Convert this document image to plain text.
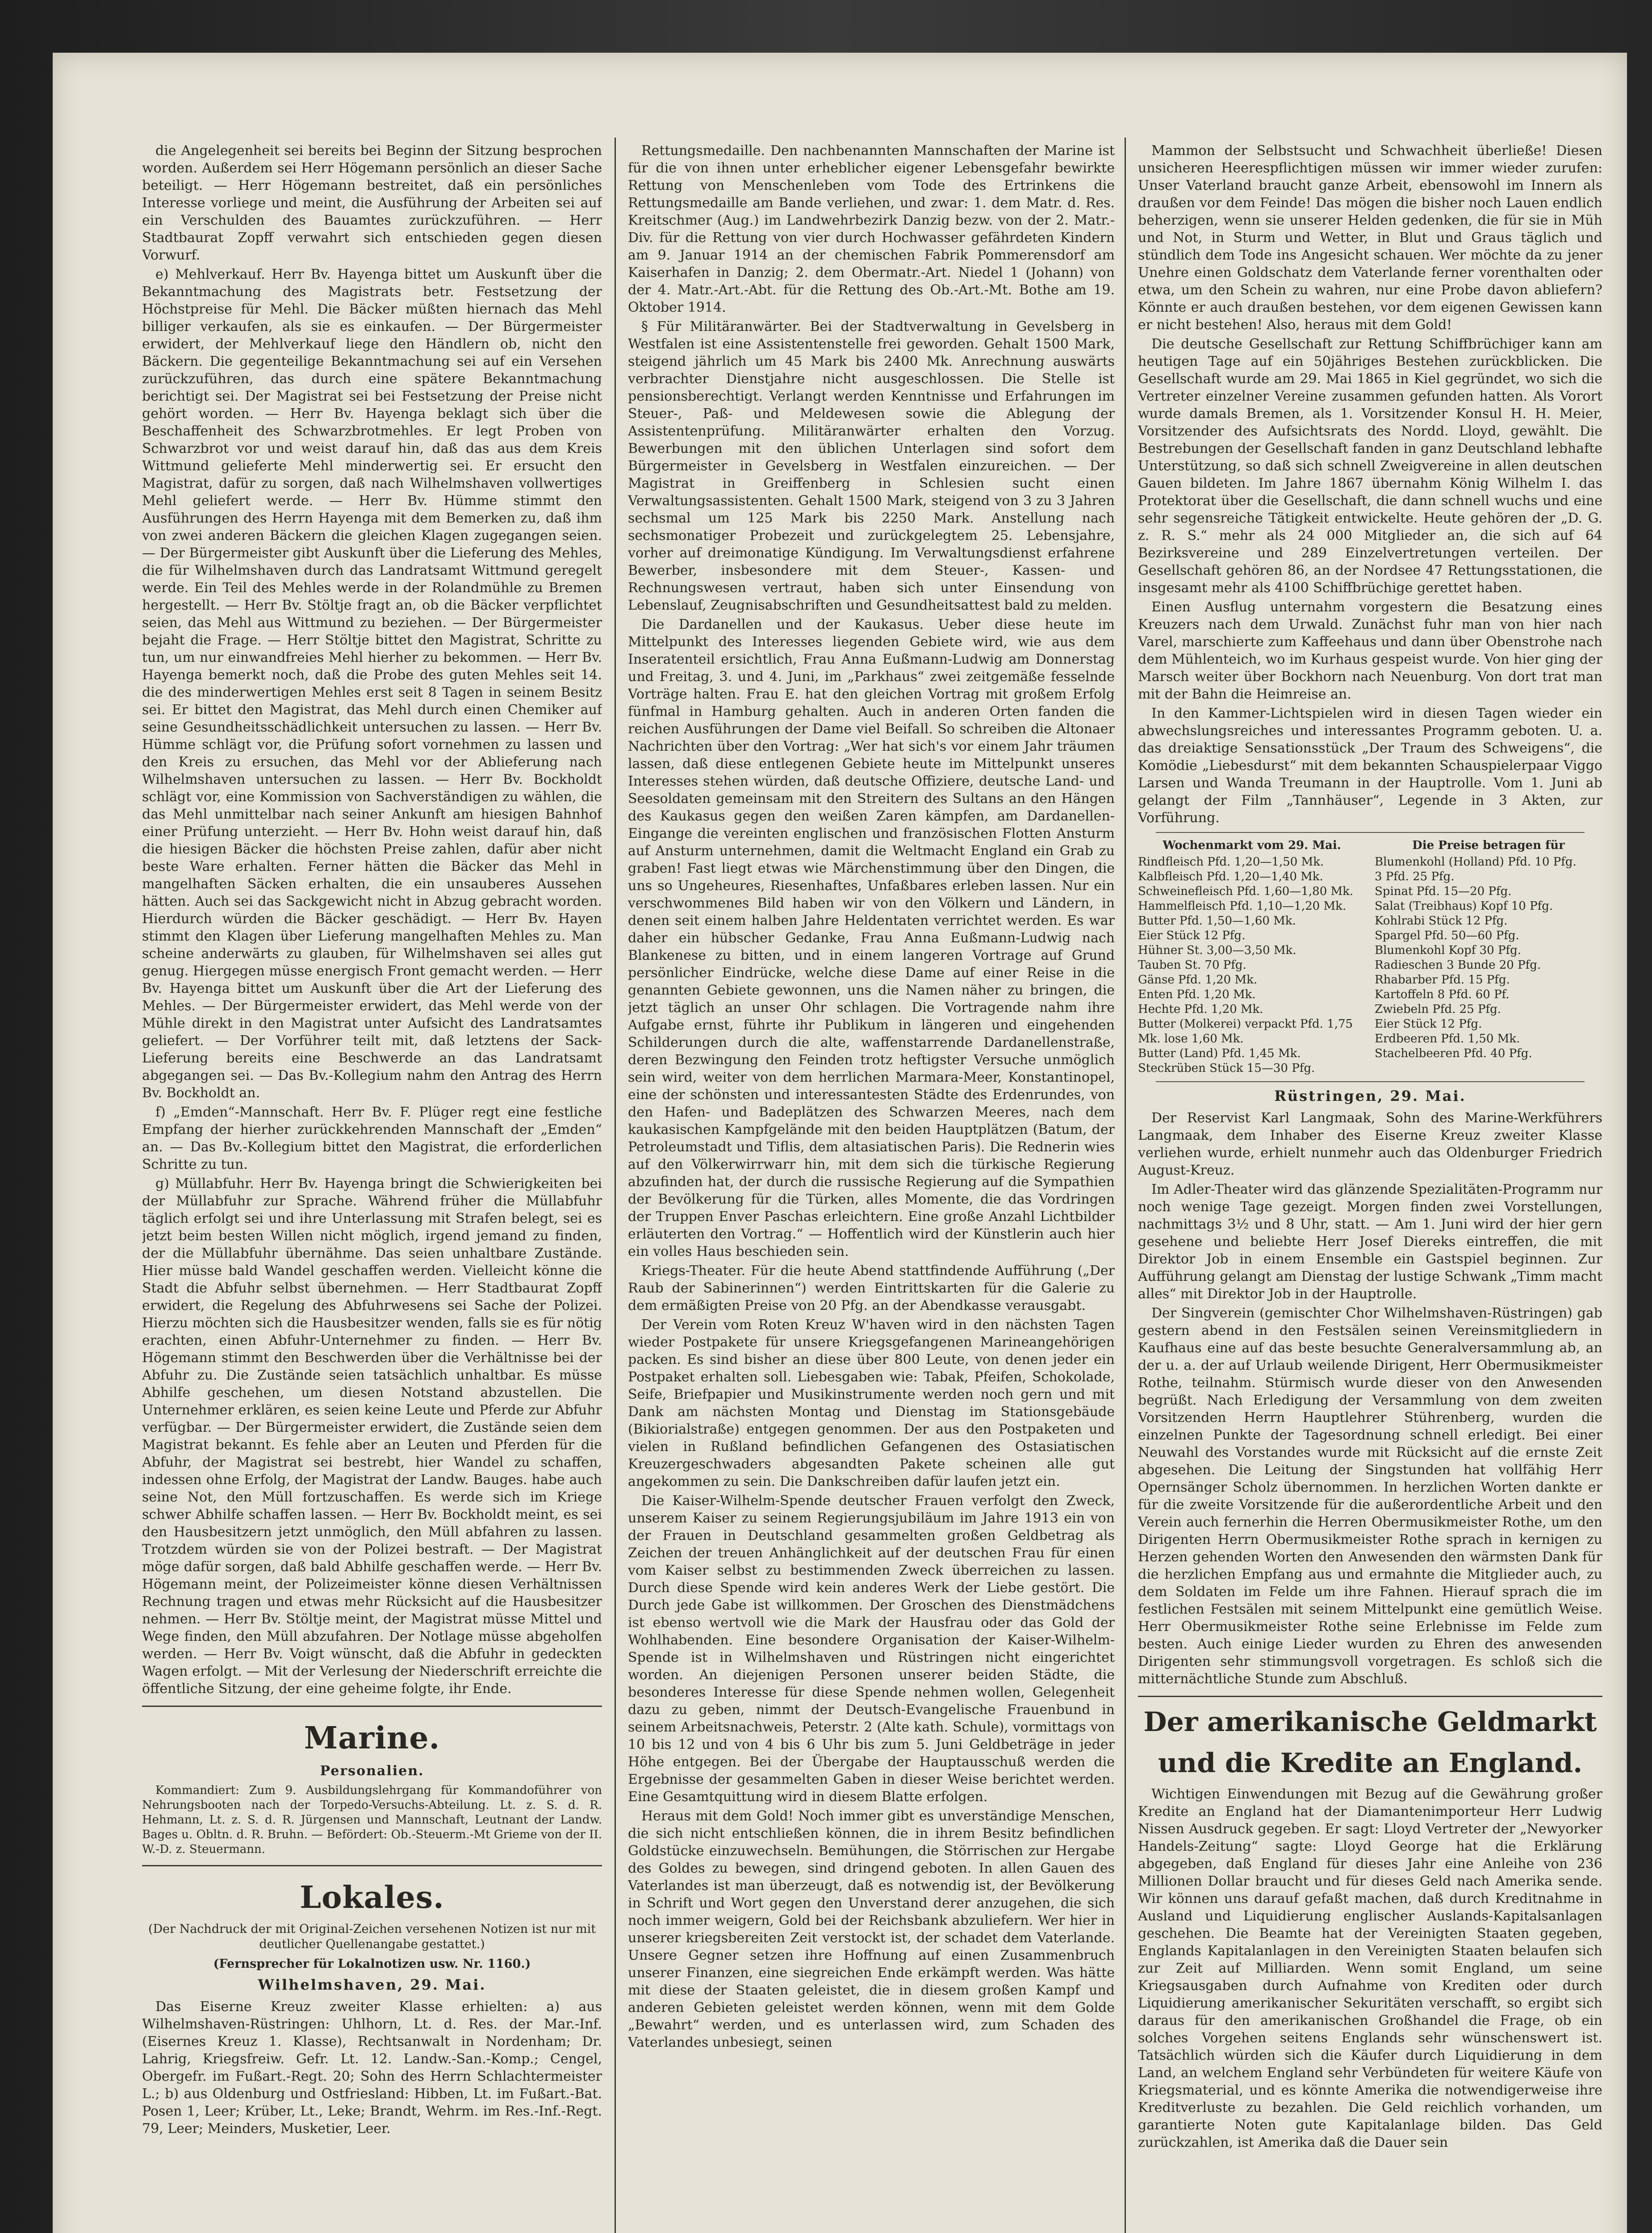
die Angelegenheit sei bereits bei Beginn der Sitzung besprochen worden. Außerdem sei Herr Högemann persönlich an dieser Sache beteiligt. — Herr Högemann bestreitet, daß ein persönliches Interesse vorliege und meint, die Ausführung der Arbeiten sei auf ein Verschulden des Bauamtes zurückzuführen. — Herr Stadtbaurat Zopff verwahrt sich entschieden gegen diesen Vorwurf.

e) Mehlverkauf. Herr Bv. Hayenga bittet um Auskunft über die Bekanntmachung des Magistrats betr. Festsetzung der Höchstpreise für Mehl. Die Bäcker müßten hiernach das Mehl billiger verkaufen, als sie es einkaufen. — Der Bürgermeister erwidert, der Mehlverkauf liege den Händlern ob, nicht den Bäckern. Die gegenteilige Bekanntmachung sei auf ein Versehen zurückzuführen, das durch eine spätere Bekanntmachung berichtigt sei. Der Magistrat sei bei Festsetzung der Preise nicht gehört worden. — Herr Bv. Hayenga beklagt sich über die Beschaffenheit des Schwarzbrotmehles. Er legt Proben von Schwarzbrot vor und weist darauf hin, daß das aus dem Kreis Wittmund gelieferte Mehl minderwertig sei. Er ersucht den Magistrat, dafür zu sorgen, daß nach Wilhelmshaven vollwertiges Mehl geliefert werde. — Herr Bv. Hümme stimmt den Ausführungen des Herrn Hayenga mit dem Bemerken zu, daß ihm von zwei anderen Bäckern die gleichen Klagen zugegangen seien. — Der Bürgermeister gibt Auskunft über die Lieferung des Mehles, die für Wilhelmshaven durch das Landratsamt Wittmund geregelt werde. Ein Teil des Mehles werde in der Rolandmühle zu Bremen hergestellt. — Herr Bv. Stöltje fragt an, ob die Bäcker verpflichtet seien, das Mehl aus Wittmund zu beziehen. — Der Bürgermeister bejaht die Frage. — Herr Stöltje bittet den Magistrat, Schritte zu tun, um nur einwandfreies Mehl hierher zu bekommen. — Herr Bv. Hayenga bemerkt noch, daß die Probe des guten Mehles seit 14. die des minderwertigen Mehles erst seit 8 Tagen in seinem Besitz sei. Er bittet den Magistrat, das Mehl durch einen Chemiker auf seine Gesundheitsschädlichkeit untersuchen zu lassen. — Herr Bv. Hümme schlägt vor, die Prüfung sofort vornehmen zu lassen und den Kreis zu ersuchen, das Mehl vor der Ablieferung nach Wilhelmshaven untersuchen zu lassen. — Herr Bv. Bockholdt schlägt vor, eine Kommission von Sachverständigen zu wählen, die das Mehl unmittelbar nach seiner Ankunft am hiesigen Bahnhof einer Prüfung unterzieht. — Herr Bv. Hohn weist darauf hin, daß die hiesigen Bäcker die höchsten Preise zahlen, dafür aber nicht beste Ware erhalten. Ferner hätten die Bäcker das Mehl in mangelhaften Säcken erhalten, die ein unsauberes Aussehen hätten. Auch sei das Sackgewicht nicht in Abzug gebracht worden. Hierdurch würden die Bäcker geschädigt. — Herr Bv. Hayen stimmt den Klagen über Lieferung mangelhaften Mehles zu. Man scheine anderwärts zu glauben, für Wilhelmshaven sei alles gut genug. Hiergegen müsse energisch Front gemacht werden. — Herr Bv. Hayenga bittet um Auskunft über die Art der Lieferung des Mehles. — Der Bürgermeister erwidert, das Mehl werde von der Mühle direkt in den Magistrat unter Aufsicht des Landratsamtes geliefert. — Der Vorführer teilt mit, daß letztens der Sack-Lieferung bereits eine Beschwerde an das Landratsamt abgegangen sei. — Das Bv.-Kollegium nahm den Antrag des Herrn Bv. Bockholdt an.

f) „Emden“-Mannschaft. Herr Bv. F. Plüger regt eine festliche Empfang der hierher zurückkehrenden Mannschaft der „Emden“ an. — Das Bv.-Kollegium bittet den Magistrat, die erforderlichen Schritte zu tun.

g) Müllabfuhr. Herr Bv. Hayenga bringt die Schwierigkeiten bei der Müllabfuhr zur Sprache. Während früher die Müllabfuhr täglich erfolgt sei und ihre Unterlassung mit Strafen belegt, sei es jetzt beim besten Willen nicht möglich, irgend jemand zu finden, der die Müllabfuhr übernähme. Das seien unhaltbare Zustände. Hier müsse bald Wandel geschaffen werden. Vielleicht könne die Stadt die Abfuhr selbst übernehmen. — Herr Stadtbaurat Zopff erwidert, die Regelung des Abfuhrwesens sei Sache der Polizei. Hierzu möchten sich die Hausbesitzer wenden, falls sie es für nötig erachten, einen Abfuhr-Unternehmer zu finden. — Herr Bv. Högemann stimmt den Beschwerden über die Verhältnisse bei der Abfuhr zu. Die Zustände seien tatsächlich unhaltbar. Es müsse Abhilfe geschehen, um diesen Notstand abzustellen. Die Unternehmer erklären, es seien keine Leute und Pferde zur Abfuhr verfügbar. — Der Bürgermeister erwidert, die Zustände seien dem Magistrat bekannt. Es fehle aber an Leuten und Pferden für die Abfuhr, der Magistrat sei bestrebt, hier Wandel zu schaffen, indessen ohne Erfolg, der Magistrat der Landw. Bauges. habe auch seine Not, den Müll fortzuschaffen. Es werde sich im Kriege schwer Abhilfe schaffen lassen. — Herr Bv. Bockholdt meint, es sei den Hausbesitzern jetzt unmöglich, den Müll abfahren zu lassen. Trotzdem würden sie von der Polizei bestraft. — Der Magistrat möge dafür sorgen, daß bald Abhilfe geschaffen werde. — Herr Bv. Högemann meint, der Polizeimeister könne diesen Verhältnissen Rechnung tragen und etwas mehr Rücksicht auf die Hausbesitzer nehmen. — Herr Bv. Stöltje meint, der Magistrat müsse Mittel und Wege finden, den Müll abzufahren. Der Notlage müsse abgeholfen werden. — Herr Bv. Voigt wünscht, daß die Abfuhr in gedeckten Wagen erfolgt. — Mit der Verlesung der Niederschrift erreichte die öffentliche Sitzung, der eine geheime folgte, ihr Ende.

Marine.
Personalien.

Kommandiert: Zum 9. Ausbildungslehrgang für Kommandoführer von Nehrungsbooten nach der Torpedo-Versuchs-Abteilung. Lt. z. S. d. R. Hehmann, Lt. z. S. d. R. Jürgensen und Mannschaft, Leutnant der Landw. Bages u. Obltn. d. R. Bruhn. — Befördert: Ob.-Steuerm.-Mt Grieme von der II. W.-D. z. Steuermann.

Lokales.
(Der Nachdruck der mit Original-Zeichen versehenen Notizen ist nur mit deutlicher Quellenangabe gestattet.)
(Fernsprecher für Lokalnotizen usw. Nr. 1160.)
Wilhelmshaven, 29. Mai.

Das Eiserne Kreuz zweiter Klasse erhielten: a) aus Wilhelmshaven-Rüstringen: Uhlhorn, Lt. d. Res. der Mar.-Inf. (Eisernes Kreuz 1. Klasse), Rechtsanwalt in Nordenham; Dr. Lahrig, Kriegsfreiw. Gefr. Lt. 12. Landw.-San.-Komp.; Cengel, Obergefr. im Fußart.-Regt. 20; Sohn des Herrn Schlachtermeister L.; b) aus Oldenburg und Ostfriesland: Hibben, Lt. im Fußart.-Bat. Posen 1, Leer; Krüber, Lt., Leke; Brandt, Wehrm. im Res.-Inf.-Regt. 79, Leer; Meinders, Musketier, Leer.

Rettungsmedaille. Den nachbenannten Mannschaften der Marine ist für die von ihnen unter erheblicher eigener Lebensgefahr bewirkte Rettung von Menschenleben vom Tode des Ertrinkens die Rettungsmedaille am Bande verliehen, und zwar: 1. dem Matr. d. Res. Kreitschmer (Aug.) im Landwehrbezirk Danzig bezw. von der 2. Matr.-Div. für die Rettung von vier durch Hochwasser gefährdeten Kindern am 9. Januar 1914 an der chemischen Fabrik Pommerensdorf am Kaiserhafen in Danzig; 2. dem Obermatr.-Art. Niedel 1 (Johann) von der 4. Matr.-Art.-Abt. für die Rettung des Ob.-Art.-Mt. Bothe am 19. Oktober 1914.

§ Für Militäranwärter. Bei der Stadtverwaltung in Gevelsberg in Westfalen ist eine Assistentenstelle frei geworden. Gehalt 1500 Mark, steigend jährlich um 45 Mark bis 2400 Mk. Anrechnung auswärts verbrachter Dienstjahre nicht ausgeschlossen. Die Stelle ist pensionsberechtigt. Verlangt werden Kenntnisse und Erfahrungen im Steuer-, Paß- und Meldewesen sowie die Ablegung der Assistentenprüfung. Militäranwärter erhalten den Vorzug. Bewerbungen mit den üblichen Unterlagen sind sofort dem Bürgermeister in Gevelsberg in Westfalen einzureichen. — Der Magistrat in Greiffenberg in Schlesien sucht einen Verwaltungsassistenten. Gehalt 1500 Mark, steigend von 3 zu 3 Jahren sechsmal um 125 Mark bis 2250 Mark. Anstellung nach sechsmonatiger Probezeit und zurückgelegtem 25. Lebensjahre, vorher auf dreimonatige Kündigung. Im Verwaltungsdienst erfahrene Bewerber, insbesondere mit dem Steuer-, Kassen- und Rechnungswesen vertraut, haben sich unter Einsendung von Lebenslauf, Zeugnisabschriften und Gesundheitsattest bald zu melden.

Die Dardanellen und der Kaukasus. Ueber diese heute im Mittelpunkt des Interesses liegenden Gebiete wird, wie aus dem Inseratenteil ersichtlich, Frau Anna Eußmann-Ludwig am Donnerstag und Freitag, 3. und 4. Juni, im „Parkhaus“ zwei zeitgemäße fesselnde Vorträge halten. Frau E. hat den gleichen Vortrag mit großem Erfolg fünfmal in Hamburg gehalten. Auch in anderen Orten fanden die reichen Ausführungen der Dame viel Beifall. So schreiben die Altonaer Nachrichten über den Vortrag: „Wer hat sich's vor einem Jahr träumen lassen, daß diese entlegenen Gebiete heute im Mittelpunkt unseres Interesses stehen würden, daß deutsche Offiziere, deutsche Land- und Seesoldaten gemeinsam mit den Streitern des Sultans an den Hängen des Kaukasus gegen den weißen Zaren kämpfen, am Dardanellen-Eingange die vereinten englischen und französischen Flotten Ansturm auf Ansturm unternehmen, damit die Weltmacht England ein Grab zu graben! Fast liegt etwas wie Märchenstimmung über den Dingen, die uns so Ungeheures, Riesenhaftes, Unfaßbares erleben lassen. Nur ein verschwommenes Bild haben wir von den Völkern und Ländern, in denen seit einem halben Jahre Heldentaten verrichtet werden. Es war daher ein hübscher Gedanke, Frau Anna Eußmann-Ludwig nach Blankenese zu bitten, und in einem langeren Vortrage auf Grund persönlicher Eindrücke, welche diese Dame auf einer Reise in die genannten Gebiete gewonnen, uns die Namen näher zu bringen, die jetzt täglich an unser Ohr schlagen. Die Vortragende nahm ihre Aufgabe ernst, führte ihr Publikum in längeren und eingehenden Schilderungen durch die alte, waffenstarrende Dardanellenstraße, deren Bezwingung den Feinden trotz heftigster Versuche unmöglich sein wird, weiter von dem herrlichen Marmara-Meer, Konstantinopel, eine der schönsten und interessantesten Städte des Erdenrundes, von den Hafen- und Badeplätzen des Schwarzen Meeres, nach dem kaukasischen Kampfgelände mit den beiden Hauptplätzen (Batum, der Petroleumstadt und Tiflis, dem altasiatischen Paris). Die Rednerin wies auf den Völkerwirrwarr hin, mit dem sich die türkische Regierung abzufinden hat, der durch die russische Regierung auf die Sympathien der Bevölkerung für die Türken, alles Momente, die das Vordringen der Truppen Enver Paschas erleichtern. Eine große Anzahl Lichtbilder erläuterten den Vortrag.“ — Hoffentlich wird der Künstlerin auch hier ein volles Haus beschieden sein.

Kriegs-Theater. Für die heute Abend stattfindende Aufführung („Der Raub der Sabinerinnen“) werden Eintrittskarten für die Galerie zu dem ermäßigten Preise von 20 Pfg. an der Abendkasse verausgabt.

Der Verein vom Roten Kreuz W'haven wird in den nächsten Tagen wieder Postpakete für unsere Kriegsgefangenen Marineangehörigen packen. Es sind bisher an diese über 800 Leute, von denen jeder ein Postpaket erhalten soll. Liebesgaben wie: Tabak, Pfeifen, Schokolade, Seife, Briefpapier und Musikinstrumente werden noch gern und mit Dank am nächsten Montag und Dienstag im Stationsgebäude (Bikiorialstraße) entgegen genommen. Der aus den Postpaketen und vielen in Rußland befindlichen Gefangenen des Ostasiatischen Kreuzergeschwaders abgesandten Pakete scheinen alle gut angekommen zu sein. Die Dankschreiben dafür laufen jetzt ein.

Die Kaiser-Wilhelm-Spende deutscher Frauen verfolgt den Zweck, unserem Kaiser zu seinem Regierungsjubiläum im Jahre 1913 ein von der Frauen in Deutschland gesammelten großen Geldbetrag als Zeichen der treuen Anhänglichkeit auf der deutschen Frau für einen vom Kaiser selbst zu bestimmenden Zweck überreichen zu lassen. Durch diese Spende wird kein anderes Werk der Liebe gestört. Die Durch jede Gabe ist willkommen. Der Groschen des Dienstmädchens ist ebenso wertvoll wie die Mark der Hausfrau oder das Gold der Wohlhabenden. Eine besondere Organisation der Kaiser-Wilhelm-Spende ist in Wilhelmshaven und Rüstringen nicht eingerichtet worden. An diejenigen Personen unserer beiden Städte, die besonderes Interesse für diese Spende nehmen wollen, Gelegenheit dazu zu geben, nimmt der Deutsch-Evangelische Frauenbund in seinem Arbeitsnachweis, Peterstr. 2 (Alte kath. Schule), vormittags von 10 bis 12 und von 4 bis 6 Uhr bis zum 5. Juni Geldbeträge in jeder Höhe entgegen. Bei der Übergabe der Hauptausschuß werden die Ergebnisse der gesammelten Gaben in dieser Weise berichtet werden. Eine Gesamtquittung wird in diesem Blatte erfolgen.

Heraus mit dem Gold! Noch immer gibt es unverständige Menschen, die sich nicht entschließen können, die in ihrem Besitz befindlichen Goldstücke einzuwechseln. Bemühungen, die Störrischen zur Hergabe des Goldes zu bewegen, sind dringend geboten. In allen Gauen des Vaterlandes ist man überzeugt, daß es notwendig ist, der Bevölkerung in Schrift und Wort gegen den Unverstand derer anzugehen, die sich noch immer weigern, Gold bei der Reichsbank abzuliefern. Wer hier in unserer kriegsbereiten Zeit verstockt ist, der schadet dem Vaterlande. Unsere Gegner setzen ihre Hoffnung auf einen Zusammenbruch unserer Finanzen, eine siegreichen Ende erkämpft werden. Was hätte mit diese der Staaten geleistet, die in diesem großen Kampf und anderen Gebieten geleistet werden können, wenn mit dem Golde „Bewahrt“ werden, und es unterlassen wird, zum Schaden des Vaterlandes unbesiegt, seinen

Mammon der Selbstsucht und Schwachheit überließe! Diesen unsicheren Heerespflichtigen müssen wir immer wieder zurufen: Unser Vaterland braucht ganze Arbeit, ebensowohl im Innern als draußen vor dem Feinde! Das mögen die bisher noch Lauen endlich beherzigen, wenn sie unserer Helden gedenken, die für sie in Müh und Not, in Sturm und Wetter, in Blut und Graus täglich und stündlich dem Tode ins Angesicht schauen. Wer möchte da zu jener Unehre einen Goldschatz dem Vaterlande ferner vorenthalten oder etwa, um den Schein zu wahren, nur eine Probe davon abliefern? Könnte er auch draußen bestehen, vor dem eigenen Gewissen kann er nicht bestehen! Also, heraus mit dem Gold!

Die deutsche Gesellschaft zur Rettung Schiffbrüchiger kann am heutigen Tage auf ein 50jähriges Bestehen zurückblicken. Die Gesellschaft wurde am 29. Mai 1865 in Kiel gegründet, wo sich die Vertreter einzelner Vereine zusammen gefunden hatten. Als Vorort wurde damals Bremen, als 1. Vorsitzender Konsul H. H. Meier, Vorsitzender des Aufsichtsrats des Nordd. Lloyd, gewählt. Die Bestrebungen der Gesellschaft fanden in ganz Deutschland lebhafte Unterstützung, so daß sich schnell Zweigvereine in allen deutschen Gauen bildeten. Im Jahre 1867 übernahm König Wilhelm I. das Protektorat über die Gesellschaft, die dann schnell wuchs und eine sehr segensreiche Tätigkeit entwickelte. Heute gehören der „D. G. z. R. S.“ mehr als 24 000 Mitglieder an, die sich auf 64 Bezirksvereine und 289 Einzelvertretungen verteilen. Der Gesellschaft gehören 86, an der Nordsee 47 Rettungsstationen, die insgesamt mehr als 4100 Schiffbrüchige gerettet haben.

Einen Ausflug unternahm vorgestern die Besatzung eines Kreuzers nach dem Urwald. Zunächst fuhr man von hier nach Varel, marschierte zum Kaffeehaus und dann über Obenstrohe nach dem Mühlenteich, wo im Kurhaus gespeist wurde. Von hier ging der Marsch weiter über Bockhorn nach Neuenburg. Von dort trat man mit der Bahn die Heimreise an.

In den Kammer-Lichtspielen wird in diesen Tagen wieder ein abwechslungsreiches und interessantes Programm geboten. U. a. das dreiaktige Sensationsstück „Der Traum des Schweigens“, die Komödie „Liebesdurst“ mit dem bekannten Schauspielerpaar Viggo Larsen und Wanda Treumann in der Hauptrolle. Vom 1. Juni ab gelangt der Film „Tannhäuser“, Legende in 3 Akten, zur Vorführung.

Wochenmarkt vom 29. Mai.
Rindfleisch Pfd. 1,20—1,50 Mk.
Kalbfleisch Pfd. 1,20—1,40 Mk.
Schweinefleisch Pfd. 1,60—1,80 Mk.
Hammelfleisch Pfd. 1,10—1,20 Mk.
Butter Pfd. 1,50—1,60 Mk.
Eier Stück 12 Pfg.
Hühner St. 3,00—3,50 Mk.
Tauben St. 70 Pfg.
Gänse Pfd. 1,20 Mk.
Enten Pfd. 1,20 Mk.
Hechte Pfd. 1,20 Mk.
Butter (Molkerei) verpackt Pfd. 1,75
Mk. lose 1,60 Mk.
Butter (Land) Pfd. 1,45 Mk.
Steckrüben Stück 15—30 Pfg.
Die Preise betragen für
Blumenkohl (Holland) Pfd. 10 Pfg.
3 Pfd. 25 Pfg.
Spinat Pfd. 15—20 Pfg.
Salat (Treibhaus) Kopf 10 Pfg.
Kohlrabi Stück 12 Pfg.
Spargel Pfd. 50—60 Pfg.
Blumenkohl Kopf 30 Pfg.
Radieschen 3 Bunde 20 Pfg.
Rhabarber Pfd. 15 Pfg.
Kartoffeln 8 Pfd. 60 Pf.
Zwiebeln Pfd. 25 Pfg.
Eier Stück 12 Pfg.
Erdbeeren Pfd. 1,50 Mk.
Stachelbeeren Pfd. 40 Pfg.
Rüstringen, 29. Mai.

Der Reservist Karl Langmaak, Sohn des Marine-Werkführers Langmaak, dem Inhaber des Eiserne Kreuz zweiter Klasse verliehen wurde, erhielt nunmehr auch das Oldenburger Friedrich August-Kreuz.

Im Adler-Theater wird das glänzende Spezialitäten-Programm nur noch wenige Tage gezeigt. Morgen finden zwei Vorstellungen, nachmittags 3½ und 8 Uhr, statt. — Am 1. Juni wird der hier gern gesehene und beliebte Herr Josef Diereks eintreffen, die mit Direktor Job in einem Ensemble ein Gastspiel beginnen. Zur Aufführung gelangt am Dienstag der lustige Schwank „Timm macht alles“ mit Direktor Job in der Hauptrolle.

Der Singverein (gemischter Chor Wilhelmshaven-Rüstringen) gab gestern abend in den Festsälen seinen Vereinsmitgliedern in Kaufhaus eine auf das beste besuchte Generalversammlung ab, an der u. a. der auf Urlaub weilende Dirigent, Herr Obermusikmeister Rothe, teilnahm. Stürmisch wurde dieser von den Anwesenden begrüßt. Nach Erledigung der Versammlung von dem zweiten Vorsitzenden Herrn Hauptlehrer Stührenberg, wurden die einzelnen Punkte der Tagesordnung schnell erledigt. Bei einer Neuwahl des Vorstandes wurde mit Rücksicht auf die ernste Zeit abgesehen. Die Leitung der Singstunden hat vollfähig Herr Opernsänger Scholz übernommen. In herzlichen Worten dankte er für die zweite Vorsitzende für die außerordentliche Arbeit und den Verein auch fernerhin die Herren Obermusikmeister Rothe, um den Dirigenten Herrn Obermusikmeister Rothe sprach in kernigen zu Herzen gehenden Worten den Anwesenden den wärmsten Dank für die herzlichen Empfang aus und ermahnte die Mitglieder auch, zu dem Soldaten im Felde um ihre Fahnen. Hierauf sprach die im festlichen Festsälen mit seinem Mittelpunkt eine gemütlich Weise. Herr Obermusikmeister Rothe seine Erlebnisse im Felde zum besten. Auch einige Lieder wurden zu Ehren des anwesenden Dirigenten sehr stimmungsvoll vorgetragen. Es schloß sich die mitternächtliche Stunde zum Abschluß.

Der amerikanische Geldmarkt
und die Kredite an England.

Wichtigen Einwendungen mit Bezug auf die Gewährung großer Kredite an England hat der Diamantenimporteur Herr Ludwig Nissen Ausdruck gegeben. Er sagt: Lloyd Vertreter der „Newyorker Handels-Zeitung“ sagte: Lloyd George hat die Erklärung abgegeben, daß England für dieses Jahr eine Anleihe von 236 Millionen Dollar braucht und für dieses Geld nach Amerika sende. Wir können uns darauf gefaßt machen, daß durch Kreditnahme in Ausland und Liquidierung englischer Auslands-Kapitalsanlagen geschehen. Die Beamte hat der Vereinigten Staaten gegeben, Englands Kapitalanlagen in den Vereinigten Staaten belaufen sich zur Zeit auf Milliarden. Wenn somit England, um seine Kriegsausgaben durch Aufnahme von Krediten oder durch Liquidierung amerikanischer Sekuritäten verschafft, so ergibt sich daraus für den amerikanischen Großhandel die Frage, ob ein solches Vorgehen seitens Englands sehr wünschenswert ist. Tatsächlich würden sich die Käufer durch Liquidierung in dem Land, an welchem England sehr Verbündeten für weitere Käufe von Kriegsmaterial, und es könnte Amerika die notwendigerweise ihre Kreditverluste zu bezahlen. Die Geld reichlich vorhanden, um garantierte Noten gute Kapitalanlage bilden. Das Geld zurückzahlen, ist Amerika daß die Dauer sein
